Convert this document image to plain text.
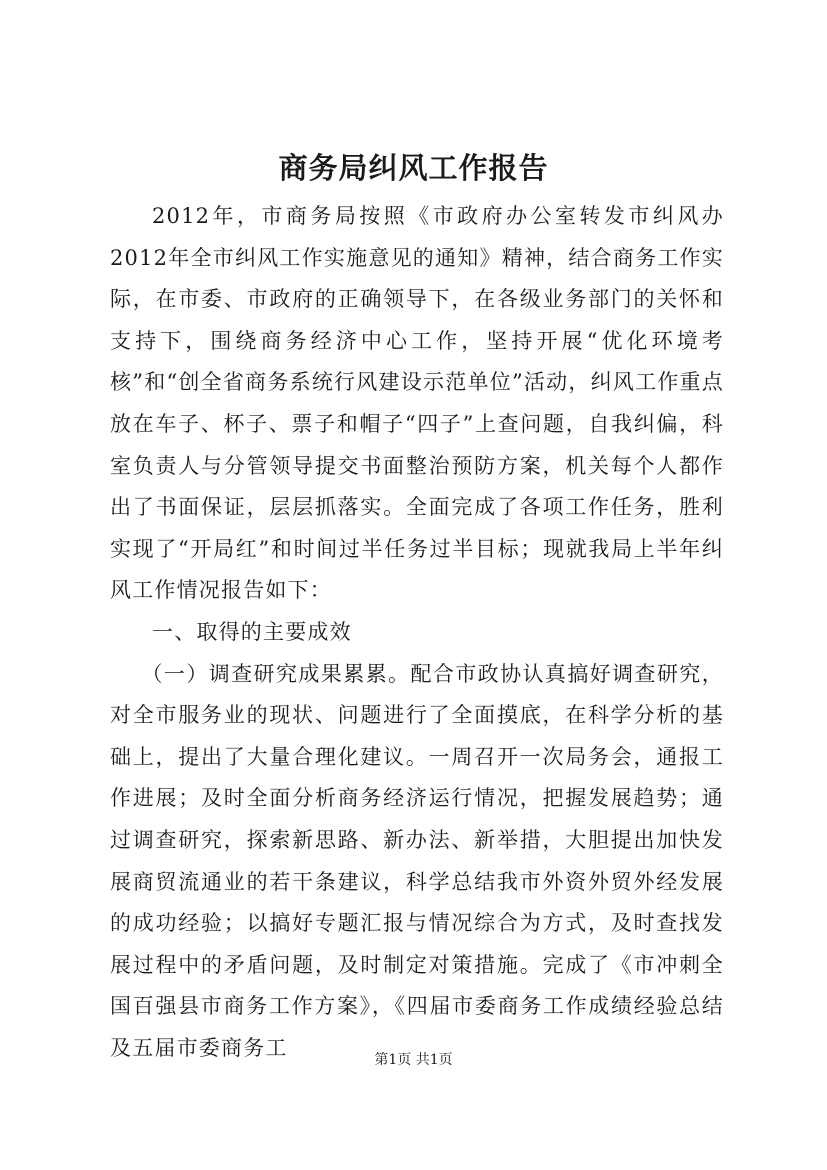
商务局纠风工作报告

2012年，市商务局按照《市政府办公室转发市纠风办2012年全市纠风工作实施意见的通知》精神，结合商务工作实际，在市委、市政府的正确领导下，在各级业务部门的关怀和支持下，围绕商务经济中心工作，坚持开展“优化环境考核”和“创全省商务系统行风建设示范单位”活动，纠风工作重点放在车子、杯子、票子和帽子“四子”上查问题，自我纠偏，科室负责人与分管领导提交书面整治预防方案，机关每个人都作出了书面保证，层层抓落实。全面完成了各项工作任务，胜利实现了“开局红”和时间过半任务过半目标；现就我局上半年纠风工作情况报告如下：

一、取得的主要成效

（一）调查研究成果累累。配合市政协认真搞好调查研究，对全市服务业的现状、问题进行了全面摸底，在科学分析的基础上，提出了大量合理化建议。一周召开一次局务会，通报工作进展；及时全面分析商务经济运行情况，把握发展趋势；通过调查研究，探索新思路、新办法、新举措，大胆提出加快发展商贸流通业的若干条建议，科学总结我市外资外贸外经发展的成功经验；以搞好专题汇报与情况综合为方式，及时查找发展过程中的矛盾问题，及时制定对策措施。完成了《市冲刺全国百强县市商务工作方案》，《四届市委商务工作成绩经验总结及五届市委商务工

第1页 共1页
